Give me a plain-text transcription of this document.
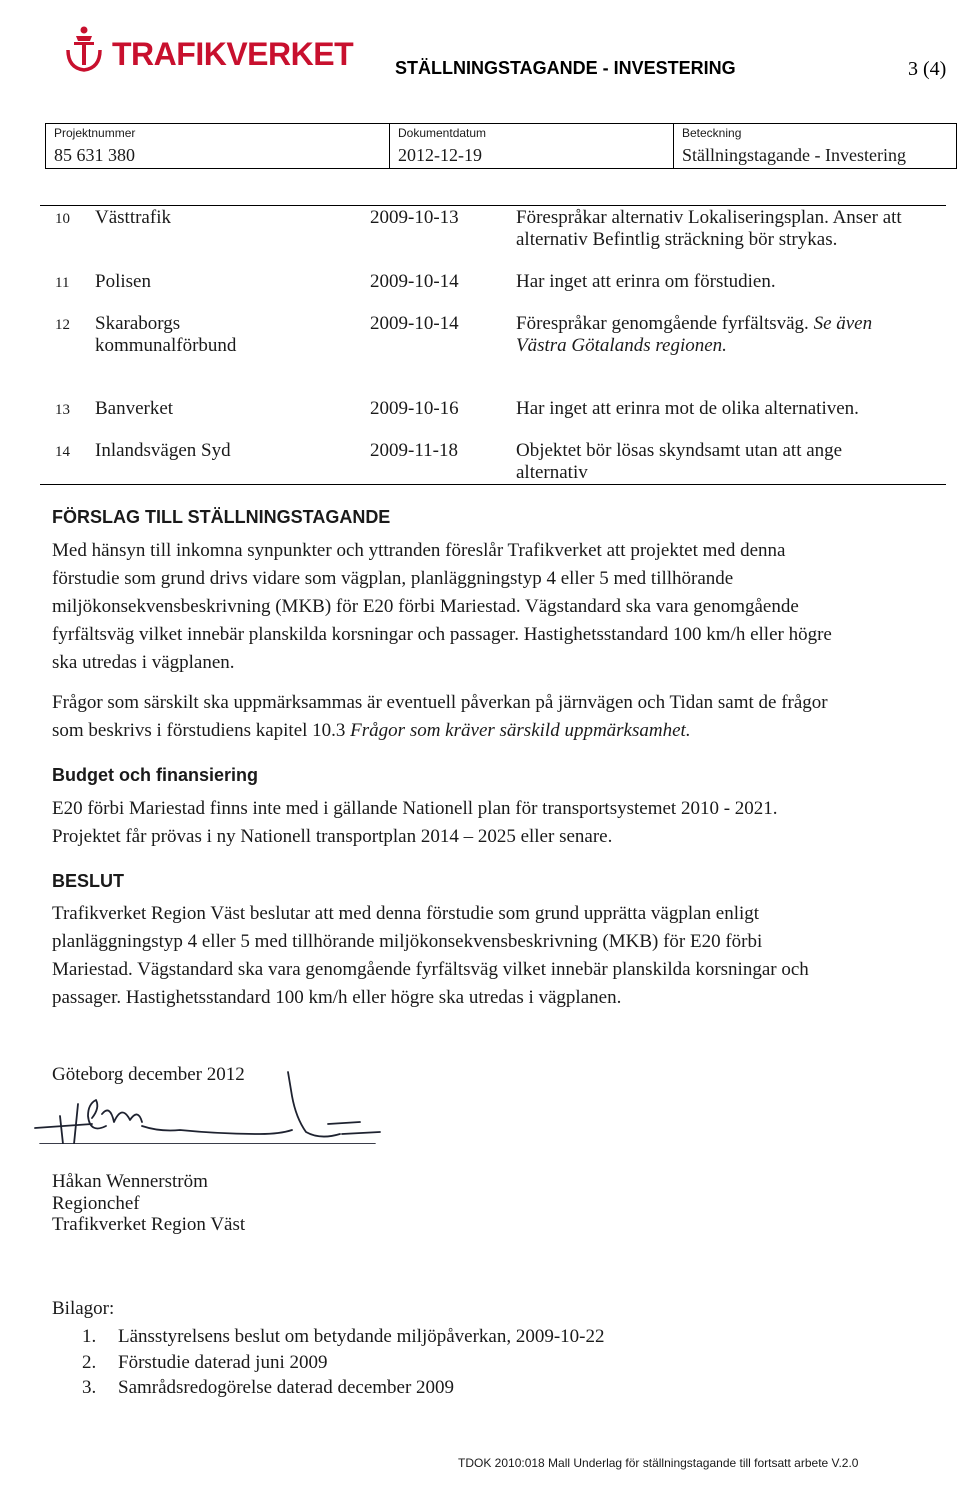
TRAFIKVERKET STÄLLNINGSTAGANDE - INVESTERING	3 (4)
Projektnummer
85 631 380
Dokumentdatum
2012-12-19
Beteckning
Ställningstagande - Investering
10 Västtrafik	2009-10-13	Förespråkar alternativ Lokaliseringsplan. Anser att
alternativ Befintlig sträckning bör strykas.
11 Polisen	2009-10-14	Har inget att erinra om förstudien.
12 Skaraborgs
kommunalförbund
2009-10-14	Förespråkar genomgående fyrfältsväg. Se även
Västra Götalands regionen.
13 Banverket	2009-10-16	Har inget att erinra mot de olika alternativen.
14 Inlandsvägen Syd	2009-11-18	Objektet bör lösas skyndsamt utan att ange
alternativ
FÖRSLAG TILL STÄLLNINGSTAGANDE
Med hänsyn till inkomna synpunkter och yttranden föreslår Trafikverket att projektet med denna
förstudie som grund drivs vidare som vägplan, planläggningstyp 4 eller 5 med tillhörande
miljökonsekvensbeskrivning (MKB) för E20 förbi Mariestad. Vägstandard ska vara genomgående
fyrfältsväg vilket innebär planskilda korsningar och passager. Hastighetsstandard 100 km/h eller högre
ska utredas i vägplanen.
Frågor som särskilt ska uppmärksammas är eventuell påverkan på järnvägen och Tidan samt de frågor
som beskrivs i förstudiens kapitel 10.3 Frågor som kräver särskild uppmärksamhet.
Budget och finansiering
E20 förbi Mariestad finns inte med i gällande Nationell plan för transportsystemet 2010 - 2021.
Projektet får prövas i ny Nationell transportplan 2014 – 2025 eller senare.
BESLUT
Trafikverket Region Väst beslutar att med denna förstudie som grund upprätta vägplan enligt
planläggningstyp 4 eller 5 med tillhörande miljökonsekvensbeskrivning (MKB) för E20 förbi
Mariestad. Vägstandard ska vara genomgående fyrfältsväg vilket innebär planskilda korsningar och
passager. Hastighetsstandard 100 km/h eller högre ska utredas i vägplanen.
Göteborg december 2012
Håkan Wennerström
Regionchef
Trafikverket Region Väst
Bilagor:
1. Länsstyrelsens beslut om betydande miljöpåverkan, 2009-10-22
2. Förstudie daterad juni 2009
3. Samrådsredogörelse daterad december 2009
TDOK 2010:018 Mall Underlag för ställningstagande till fortsatt arbete V.2.0
